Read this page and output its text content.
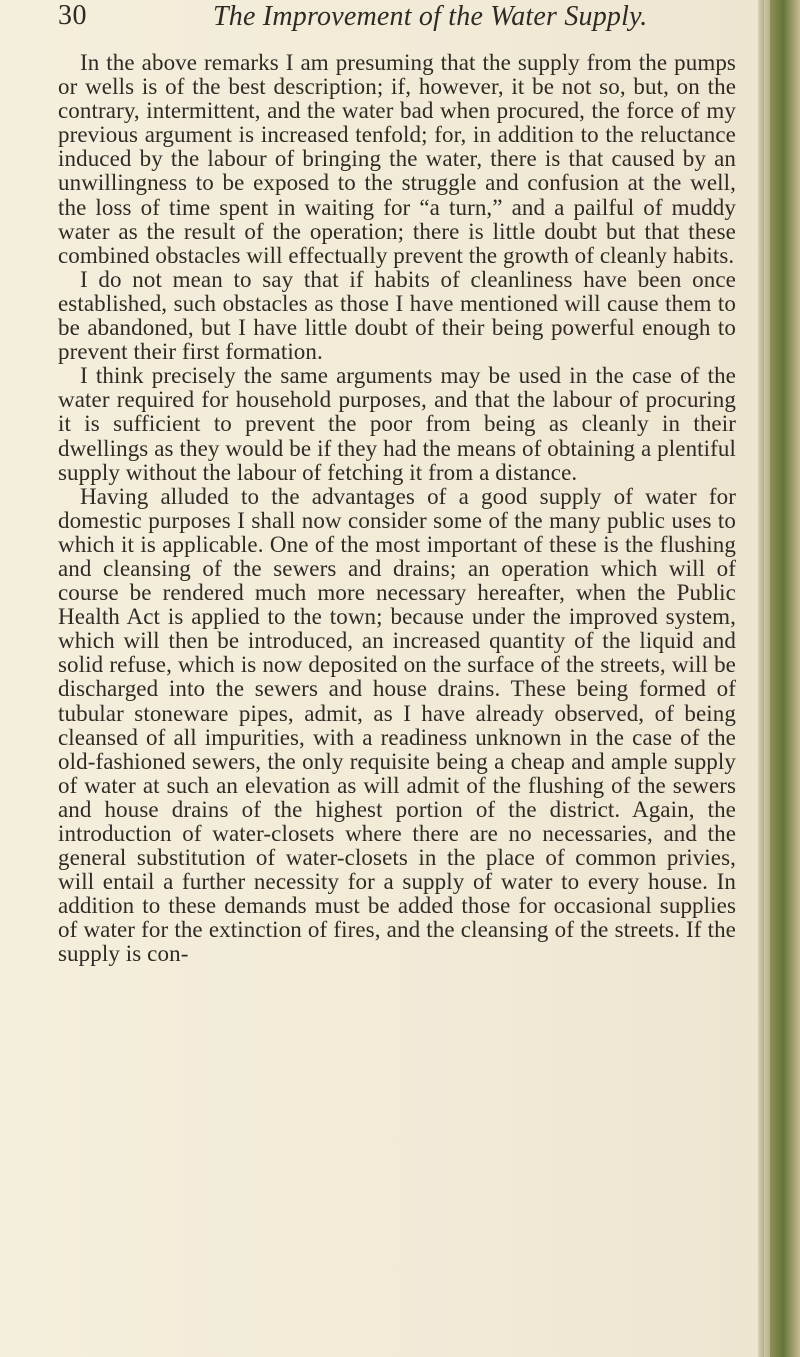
30	The Improvement of the Water Supply.

In the above remarks I am presuming that the supply from the pumps or wells is of the best description; if, however, it be not so, but, on the contrary, intermittent, and the water bad when procured, the force of my previous argument is increased tenfold; for, in addition to the reluctance induced by the labour of bringing the water, there is that caused by an unwillingness to be exposed to the struggle and confusion at the well, the loss of time spent in waiting for “a turn,” and a pailful of muddy water as the result of the operation; there is little doubt but that these combined obstacles will effectually prevent the growth of cleanly habits.

I do not mean to say that if habits of cleanliness have been once established, such obstacles as those I have mentioned will cause them to be abandoned, but I have little doubt of their being powerful enough to prevent their first formation.

I think precisely the same arguments may be used in the case of the water required for household purposes, and that the labour of procuring it is sufficient to prevent the poor from being as cleanly in their dwellings as they would be if they had the means of obtaining a plentiful supply without the labour of fetching it from a distance.

Having alluded to the advantages of a good supply of water for domestic purposes I shall now consider some of the many public uses to which it is applicable. One of the most important of these is the flushing and cleansing of the sewers and drains; an operation which will of course be rendered much more necessary hereafter, when the Public Health Act is applied to the town; because under the improved system, which will then be introduced, an increased quantity of the liquid and solid refuse, which is now deposited on the surface of the streets, will be discharged into the sewers and house drains. These being formed of tubular stoneware pipes, admit, as I have already observed, of being cleansed of all impurities, with a readiness unknown in the case of the old-fashioned sewers, the only requisite being a cheap and ample supply of water at such an elevation as will admit of the flushing of the sewers and house drains of the highest portion of the district. Again, the introduction of water-closets where there are no necessaries, and the general substitution of water-closets in the place of common privies, will entail a further necessity for a supply of water to every house. In addition to these demands must be added those for occasional supplies of water for the extinction of fires, and the cleansing of the streets. If the supply is con-
